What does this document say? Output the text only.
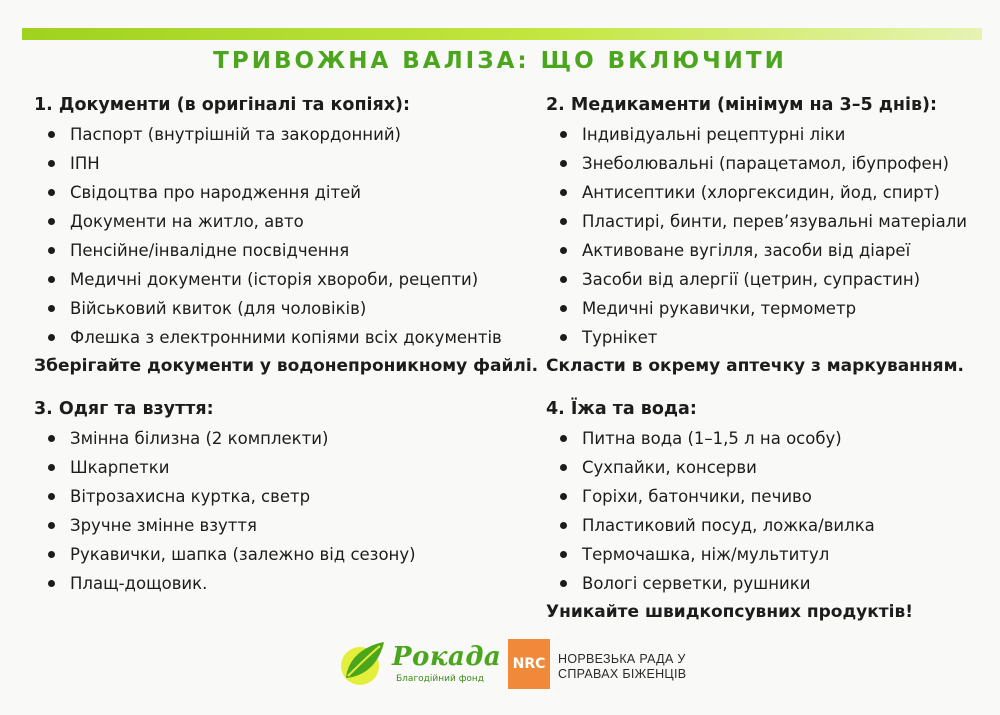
ТРИВОЖНА ВАЛІЗА: ЩО ВКЛЮЧИТИ
1. Документи (в оригіналі та копіях):
Паспорт (внутрішній та закордонний)
ІПН
Свідоцтва про народження дітей
Документи на житло, авто
Пенсійне/інвалідне посвідчення
Медичні документи (історія хвороби, рецепти)
Військовий квиток (для чоловіків)
Флешка з електронними копіями всіх документів
Зберігайте документи у водонепроникному файлі.
2. Медикаменти (мінімум на 3–5 днів):
Індивідуальні рецептурні ліки
Знеболювальні (парацетамол, ібупрофен)
Антисептики (хлоргексидин, йод, спирт)
Пластирі, бинти, перев’язувальні матеріали
Активоване вугілля, засоби від діареї
Засоби від алергії (цетрин, супрастин)
Медичні рукавички, термометр
Турнікет
Скласти в окрему аптечку з маркуванням.
3. Одяг та взуття:
Змінна білизна (2 комплекти)
Шкарпетки
Вітрозахисна куртка, светр
Зручне змінне взуття
Рукавички, шапка (залежно від сезону)
Плащ-дощовик.
4. Їжа та вода:
Питна вода (1–1,5 л на особу)
Сухпайки, консерви
Горіхи, батончики, печиво
Пластиковий посуд, ложка/вилка
Термочашка, ніж/мультитул
Вологі серветки, рушники
Уникайте швидкопсувних продуктів!
Рокада
Благодійний фонд
NRC	НОРВЕЗЬКА РАДА У
СПРАВАХ БІЖЕНЦІВ
